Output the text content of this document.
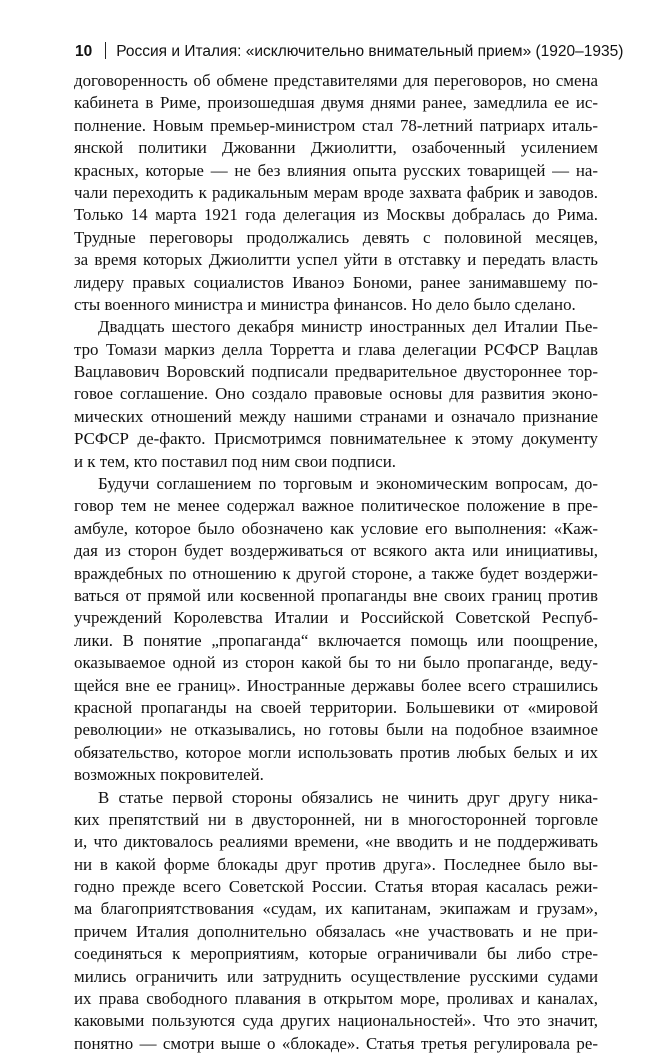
10 Россия и Италия: «исключительно внимательный прием» (1920–1935)
договоренность об обмене представителями для переговоров, но смена
кабинета в Риме, произошедшая двумя днями ранее, замедлила ее ис-
полнение. Новым премьер-министром стал 78-летний патриарх италь-
янской политики Джованни Джиолитти, озабоченный усилением
красных, которые — не без влияния опыта русских товарищей — на-
чали переходить к радикальным мерам вроде захвата фабрик и заводов.
Только 14 марта 1921 года делегация из Москвы добралась до Рима.
Трудные переговоры продолжались девять с половиной месяцев,
за время которых Джиолитти успел уйти в отставку и передать власть
лидеру правых социалистов Иваноэ Бономи, ранее занимавшему по-
сты военного министра и министра финансов. Но дело было сделано.
Двадцать шестого декабря министр иностранных дел Италии Пье-
тро Томази маркиз делла Торретта и глава делегации РСФСР Вацлав
Вацлавович Воровский подписали предварительное двустороннее тор-
говое соглашение. Оно создало правовые основы для развития эконо-
мических отношений между нашими странами и означало признание
РСФСР де-факто. Присмотримся повнимательнее к этому документу
и к тем, кто поставил под ним свои подписи.
Будучи соглашением по торговым и экономическим вопросам, до-
говор тем не менее содержал важное политическое положение в пре-
амбуле, которое было обозначено как условие его выполнения: «Каж-
дая из сторон будет воздерживаться от всякого акта или инициативы,
враждебных по отношению к другой стороне, а также будет воздержи-
ваться от прямой или косвенной пропаганды вне своих границ против
учреждений Королевства Италии и Российской Советской Респуб-
лики. В понятие „пропаганда“ включается помощь или поощрение,
оказываемое одной из сторон какой бы то ни было пропаганде, веду-
щейся вне ее границ». Иностранные державы более всего страшились
красной пропаганды на своей территории. Большевики от «мировой
революции» не отказывались, но готовы были на подобное взаимное
обязательство, которое могли использовать против любых белых и их
возможных покровителей.
В статье первой стороны обязались не чинить друг другу ника-
ких препятствий ни в двусторонней, ни в многосторонней торговле
и, что диктовалось реалиями времени, «не вводить и не поддерживать
ни в какой форме блокады друг против друга». Последнее было вы-
годно прежде всего Советской России. Статья вторая касалась режи-
ма благоприятствования «судам, их капитанам, экипажам и грузам»,
причем Италия дополнительно обязалась «не участвовать и не при-
соединяться к мероприятиям, которые ограничивали бы либо стре-
мились ограничить или затруднить осуществление русскими судами
их права свободного плавания в открытом море, проливах и каналах,
каковыми пользуются суда других национальностей». Что это значит,
понятно — смотри выше о «блокаде». Статья третья регулировала ре-
